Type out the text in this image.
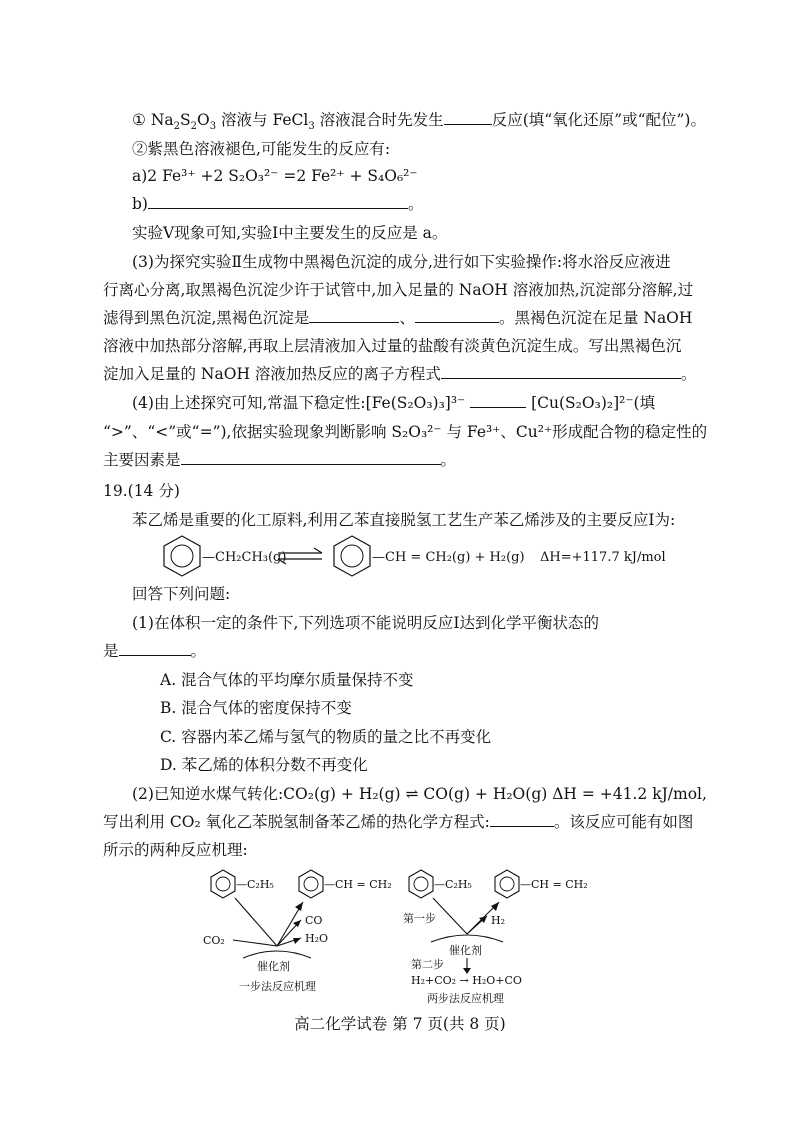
① $Na_2S_2O_3$ 溶液与 FeCl$_3$ 溶液混合时先发生	反应(填“氧化还原”或“配位”)。
②紫黑色溶液褪色,可能发生的反应有:
a)2 Fe³⁺ +2 S₂O₃²⁻ =2 Fe²⁺ + S₄O₆²⁻
b)	。
实验Ⅴ现象可知,实验Ⅰ中主要发生的反应是 a。
(3)为探究实验Ⅱ生成物中黑褐色沉淀的成分,进行如下实验操作:将水浴反应液进
行离心分离,取黑褐色沉淀少许于试管中,加入足量的 NaOH 溶液加热,沉淀部分溶解,过
滤得到黑色沉淀,黑褐色沉淀是	、	。黑褐色沉淀在足量 NaOH
溶液中加热部分溶解,再取上层清液加入过量的盐酸有淡黄色沉淀生成。写出黑褐色沉
淀加入足量的 NaOH 溶液加热反应的离子方程式	。
(4)由上述探究可知,常温下稳定性:[Fe(S₂O₃)₃]³⁻	[Cu(S₂O₃)₂]²⁻(填
“>”、“<”或“=”),依据实验现象判断影响 S₂O₃²⁻ 与 Fe³⁺、Cu²⁺形成配合物的稳定性的
主要因素是	。
19.(14 分)
苯乙烯是重要的化工原料,利用乙苯直接脱氢工艺生产苯乙烯涉及的主要反应Ⅰ为:
—CH₂CH₃(g)	—CH = CH₂(g) + H₂(g) ΔH=+117.7 kJ/mol
回答下列问题:
(1)在体积一定的条件下,下列选项不能说明反应Ⅰ达到化学平衡状态的
是	。
A. 混合气体的平均摩尔质量保持不变
B. 混合气体的密度保持不变
C. 容器内苯乙烯与氢气的物质的量之比不再变化
D. 苯乙烯的体积分数不再变化
(2)已知逆水煤气转化:CO₂(g) + H₂(g) ⇌ CO(g) + H₂O(g) ΔH = +41.2 kJ/mol,
写出利用 CO₂ 氧化乙苯脱氢制备苯乙烯的热化学方程式:	。该反应可能有如图
所示的两种反应机理:
—C₂H₅	—CH = CH₂
CO
H₂O
CO₂
催化剂
一步法反应机理
—C₂H₅	—CH = CH₂
第一步	H₂
催化剂
第二步
H₂+CO₂ → H₂O+CO
两步法反应机理
高二化学试卷 第 7 页(共 8 页)
